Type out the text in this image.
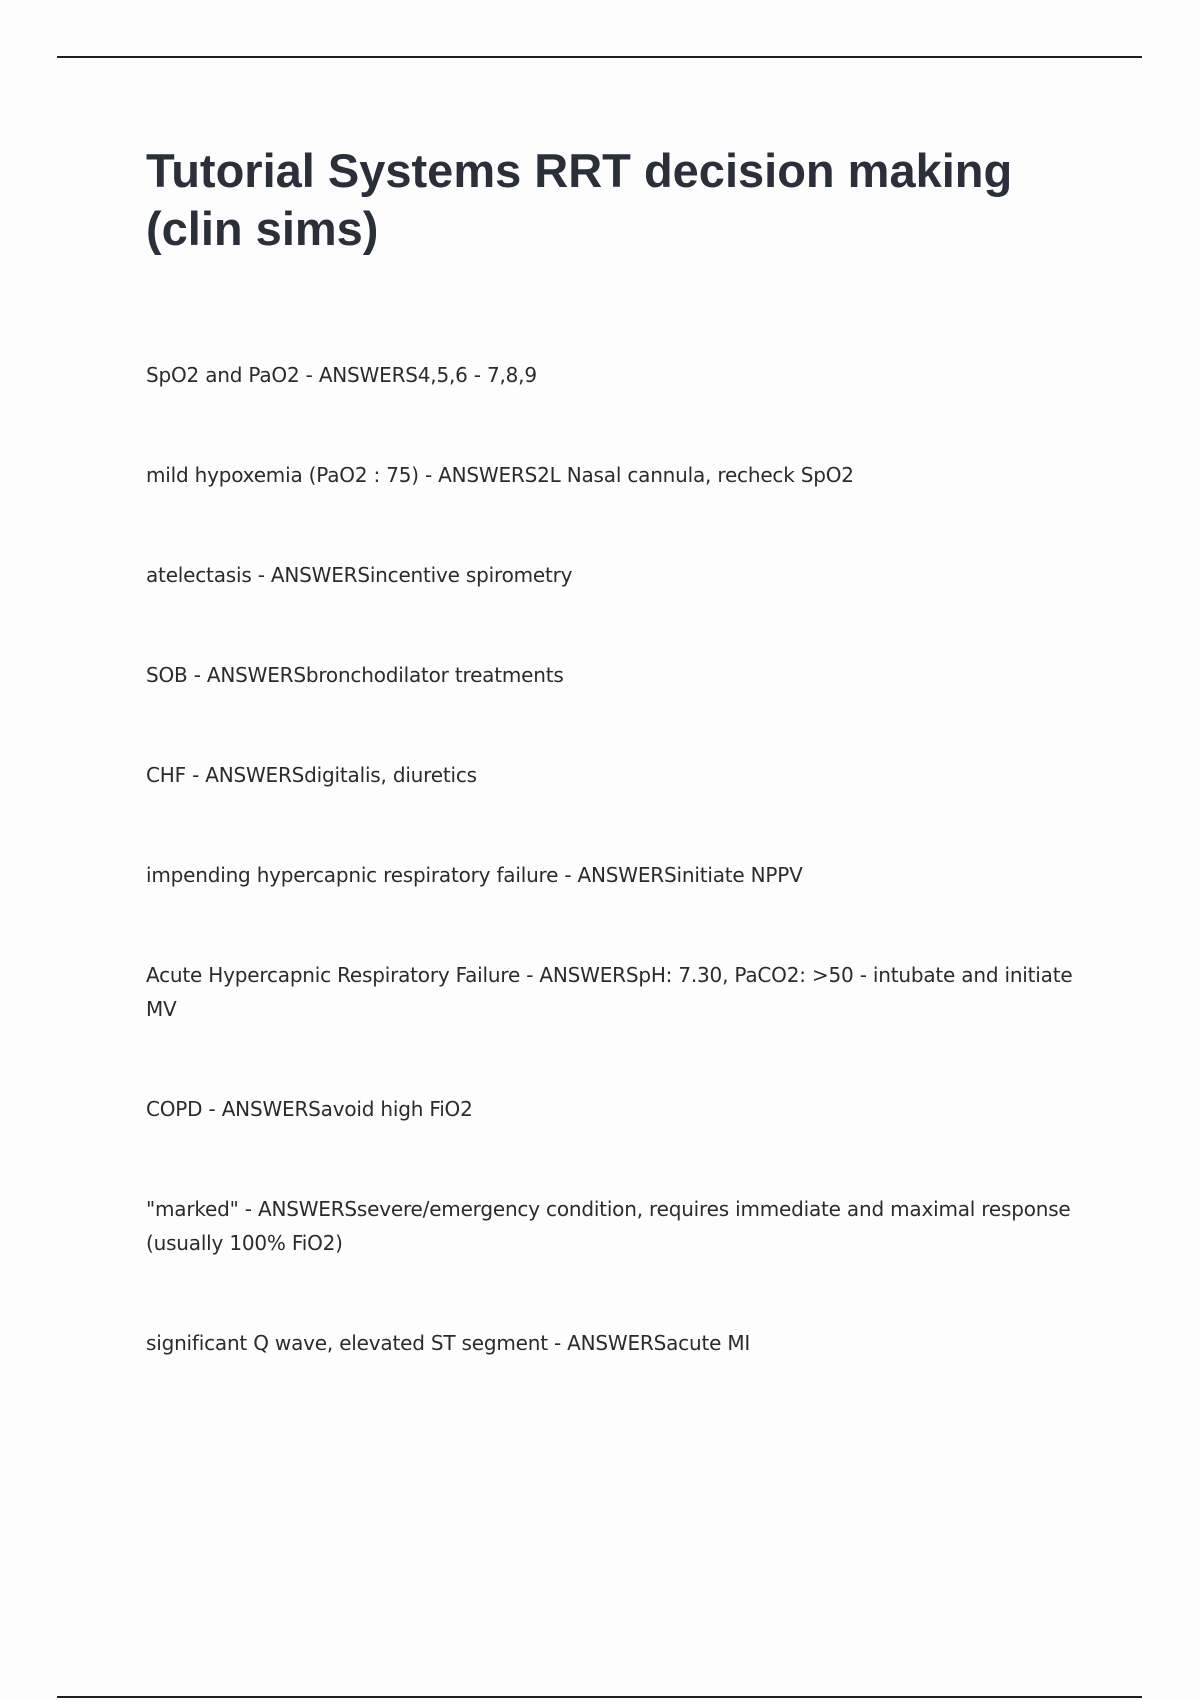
Tutorial Systems RRT decision making (clin sims)
SpO2 and PaO2 - ANSWERS4,5,6 - 7,8,9
mild hypoxemia (PaO2 : 75) - ANSWERS2L Nasal cannula, recheck SpO2
atelectasis - ANSWERSincentive spirometry
SOB - ANSWERSbronchodilator treatments
CHF - ANSWERSdigitalis, diuretics
impending hypercapnic respiratory failure - ANSWERSinitiate NPPV
Acute Hypercapnic Respiratory Failure - ANSWERSpH: 7.30, PaCO2: >50 - intubate and initiate MV
COPD - ANSWERSavoid high FiO2
"marked" - ANSWERSsevere/emergency condition, requires immediate and maximal response (usually 100% FiO2)
significant Q wave, elevated ST segment - ANSWERSacute MI
